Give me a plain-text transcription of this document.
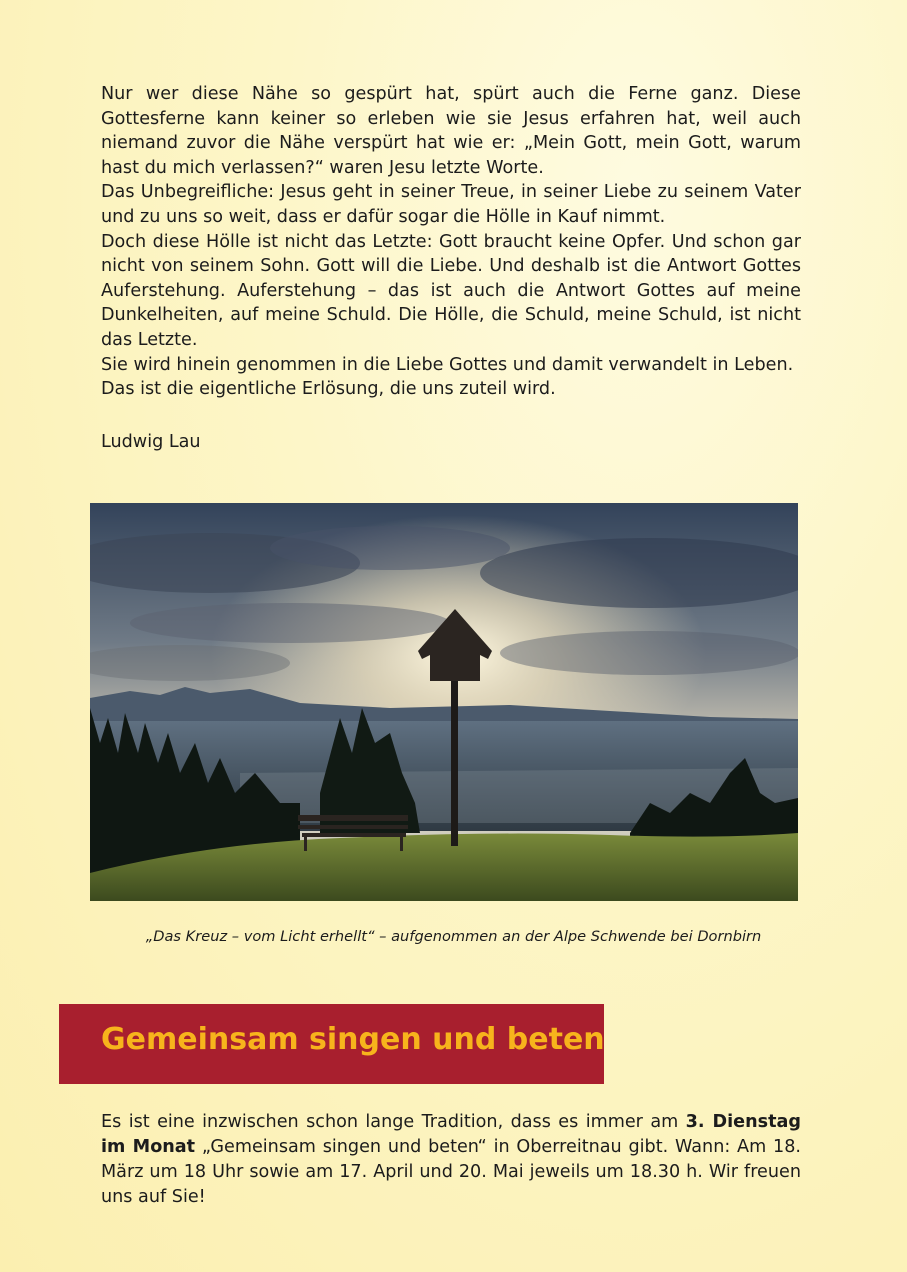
Nur wer diese Nähe so gespürt hat, spürt auch die Ferne ganz. Diese Gottesferne kann keiner so erleben wie sie Jesus erfahren hat, weil auch niemand zuvor die Nähe verspürt hat wie er: „Mein Gott, mein Gott, warum hast du mich verlassen?“ waren Jesu letzte Worte.

Das Unbegreifliche: Jesus geht in seiner Treue, in seiner Liebe zu seinem Vater und zu uns so weit, dass er dafür sogar die Hölle in Kauf nimmt.

Doch diese Hölle ist nicht das Letzte: Gott braucht keine Opfer. Und schon gar nicht von seinem Sohn. Gott will die Liebe. Und deshalb ist die Antwort Gottes Auferstehung. Auferstehung – das ist auch die Antwort Gottes auf meine Dunkelheiten, auf meine Schuld. Die Hölle, die Schuld, meine Schuld, ist nicht das Letzte.

Sie wird hinein genommen in die Liebe Gottes und damit verwandelt in Leben.

Das ist die eigentliche Erlösung, die uns zuteil wird.

Ludwig Lau
„Das Kreuz – vom Licht erhellt“ – aufgenommen an der Alpe Schwende bei Dornbirn
Gemeinsam singen und beten
Es ist eine inzwischen schon lange Tradition, dass es immer am 3. Dienstag im Monat „Gemeinsam singen und beten“ in Oberreitnau gibt. Wann: Am 18. März um 18 Uhr sowie am 17. April und 20. Mai jeweils um 18.30 h. Wir freuen uns auf Sie!
